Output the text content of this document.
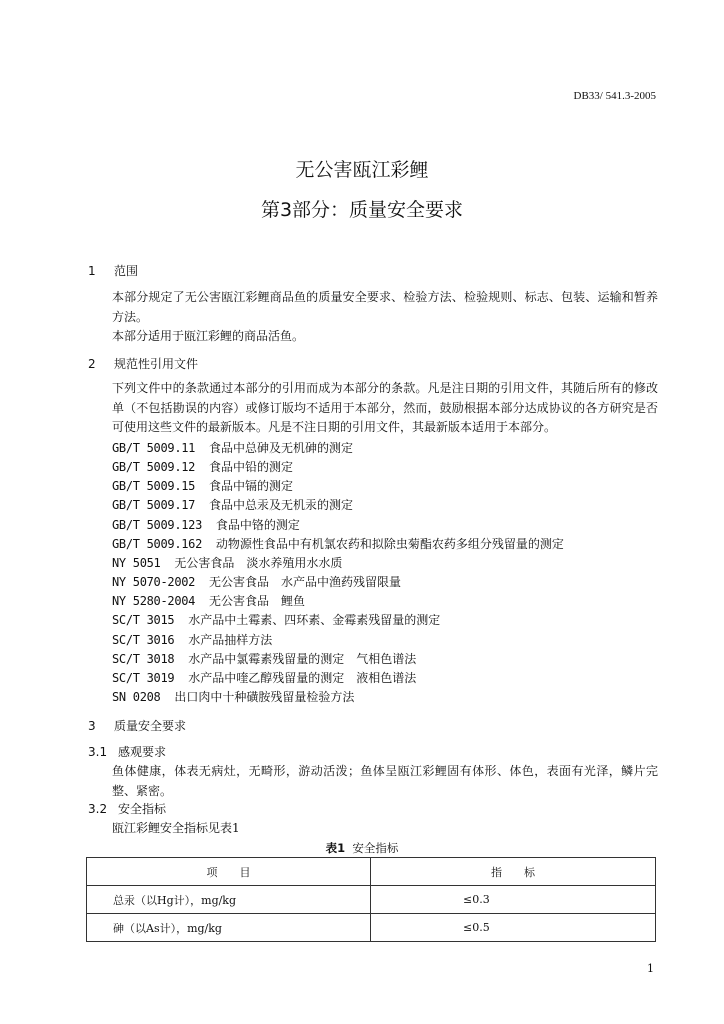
DB33/ 541.3-2005
无公害瓯江彩鲤
第3部分：质量安全要求
1 范围
本部分规定了无公害瓯江彩鲤商品鱼的质量安全要求、检验方法、检验规则、标志、包装、运输和暂养方法。
本部分适用于瓯江彩鲤的商品活鱼。
2 规范性引用文件
下列文件中的条款通过本部分的引用而成为本部分的条款。凡是注日期的引用文件，其随后所有的修改单（不包括勘误的内容）或修订版均不适用于本部分，然而，鼓励根据本部分达成协议的各方研究是否可使用这些文件的最新版本。凡是不注日期的引用文件，其最新版本适用于本部分。
GB/T 5009.11 食品中总砷及无机砷的测定
GB/T 5009.12 食品中铅的测定
GB/T 5009.15 食品中镉的测定
GB/T 5009.17 食品中总汞及无机汞的测定
GB/T 5009.123 食品中铬的测定
GB/T 5009.162 动物源性食品中有机氯农药和拟除虫菊酯农药多组分残留量的测定
NY 5051 无公害食品　淡水养殖用水水质
NY 5070-2002 无公害食品　水产品中渔药残留限量
NY 5280-2004 无公害食品　鲤鱼
SC/T 3015 水产品中土霉素、四环素、金霉素残留量的测定
SC/T 3016 水产品抽样方法
SC/T 3018 水产品中氯霉素残留量的测定　气相色谱法
SC/T 3019 水产品中喹乙醇残留量的测定　液相色谱法
SN 0208 出口肉中十种磺胺残留量检验方法
3 质量安全要求
3.1 感观要求
鱼体健康，体表无病灶，无畸形，游动活泼；鱼体呈瓯江彩鲤固有体形、体色，表面有光泽，鳞片完整、紧密。
3.2 安全指标
瓯江彩鲤安全指标见表1
表1 安全指标
项　　目	指　　标
总汞（以Hg计），mg/kg	≤0.3
砷（以As计），mg/kg	≤0.5
1
